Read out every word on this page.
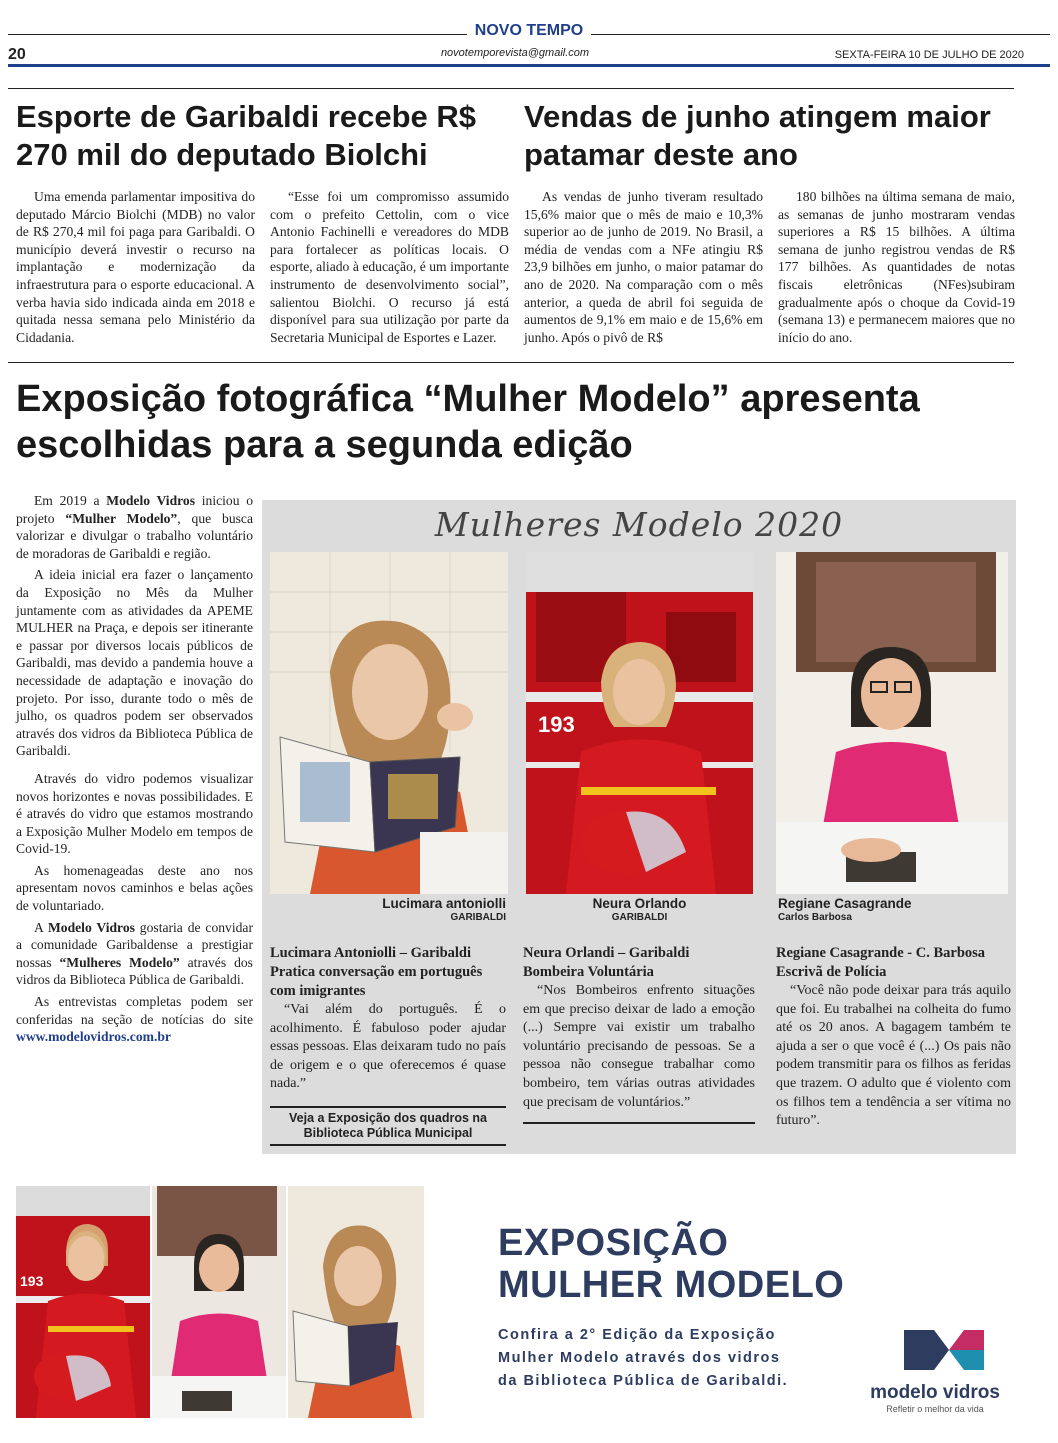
NOVO TEMPO
20	novotemporevista@gmail.com	SEXTA-FEIRA 10 DE JULHO DE 2020
Esporte de Garibaldi recebe R$ 270 mil do deputado Biolchi

Uma emenda parlamentar impositiva do deputado Márcio Biolchi (MDB) no valor de R$ 270,4 mil foi paga para Garibaldi. O município deverá investir o recurso na implantação e modernização da infraestrutura para o esporte educacional. A verba havia sido indicada ainda em 2018 e quitada nessa semana pelo Ministério da Cidadania.

“Esse foi um compromisso assumido com o prefeito Cettolin, com o vice Antonio Fachinelli e vereadores do MDB para fortalecer as políticas locais. O esporte, aliado à educação, é um importante instrumento de desenvolvimento social”, salientou Biolchi. O recurso já está disponível para sua utilização por parte da Secretaria Municipal de Esportes e Lazer.

Vendas de junho atingem maior patamar deste ano

As vendas de junho tiveram resultado 15,6% maior que o mês de maio e 10,3% superior ao de junho de 2019. No Brasil, a média de vendas com a NFe atingiu R$ 23,9 bilhões em junho, o maior patamar do ano de 2020. Na comparação com o mês anterior, a queda de abril foi seguida de aumentos de 9,1% em maio e de 15,6% em junho. Após o pivô de R$

180 bilhões na última semana de maio, as semanas de junho mostraram vendas superiores a R$ 15 bilhões. A última semana de junho registrou vendas de R$ 177 bilhões. As quantidades de notas fiscais eletrônicas (NFes)subiram gradualmente após o choque da Covid-19 (semana 13) e permanecem maiores que no início do ano.

Exposição fotográfica “Mulher Modelo” apresenta escolhidas para a segunda edição

Em 2019 a Modelo Vidros iniciou o projeto “Mulher Modelo”, que busca valorizar e divulgar o trabalho voluntário de moradoras de Garibaldi e região.

A ideia inicial era fazer o lançamento da Exposição no Mês da Mulher juntamente com as atividades da APEME MULHER na Praça, e depois ser itinerante e passar por diversos locais públicos de Garibaldi, mas devido a pandemia houve a necessidade de adaptação e inovação do projeto. Por isso, durante todo o mês de julho, os quadros podem ser observados através dos vidros da Biblioteca Pública de Garibaldi.

Através do vidro podemos visualizar novos horizontes e novas possibilidades. E é através do vidro que estamos mostrando a Exposição Mulher Modelo em tempos de Covid-19.

As homenageadas deste ano nos apresentam novos caminhos e belas ações de voluntariado.

A Modelo Vidros gostaria de convidar a comunidade Garibaldense a prestigiar nossas “Mulheres Modelo” através dos vidros da Biblioteca Pública de Garibaldi.

As entrevistas completas podem ser conferidas na seção de notícias do site www.modelovidros.com.br

Mulheres Modelo 2020
Lucimara antoniolli
GARIBALDI
193
Neura Orlando
GARIBALDI
Regiane Casagrande
Carlos Barbosa
Lucimara Antoniolli – Garibaldi
Pratica conversação em português com imigrantes

“Vai além do português. É o acolhimento. É fabuloso poder ajudar essas pessoas. Elas deixaram tudo no país de origem e o que oferecemos é quase nada.”

Veja a Exposição dos quadros na Biblioteca Pública Municipal
Neura Orlandi – Garibaldi
Bombeira Voluntária

“Nos Bombeiros enfrento situações em que preciso deixar de lado a emoção (...) Sempre vai existir um trabalho voluntário precisando de pessoas. Se a pessoa não consegue trabalhar como bombeiro, tem várias outras atividades que precisam de voluntários.”

Regiane Casagrande - C. Barbosa
Escrivã de Polícia

“Você não pode deixar para trás aquilo que foi. Eu trabalhei na colheita do fumo até os 20 anos. A bagagem também te ajuda a ser o que você é (...) Os pais não podem transmitir para os filhos as feridas que trazem. O adulto que é violento com os filhos tem a tendência a ser vítima no futuro”.

193
EXPOSIÇÃO
MULHER MODELO
Confira a 2° Edição da Exposição
Mulher Modelo através dos vidros
da Biblioteca Pública de Garibaldi.
modelo vidros
Refletir o melhor da vida
